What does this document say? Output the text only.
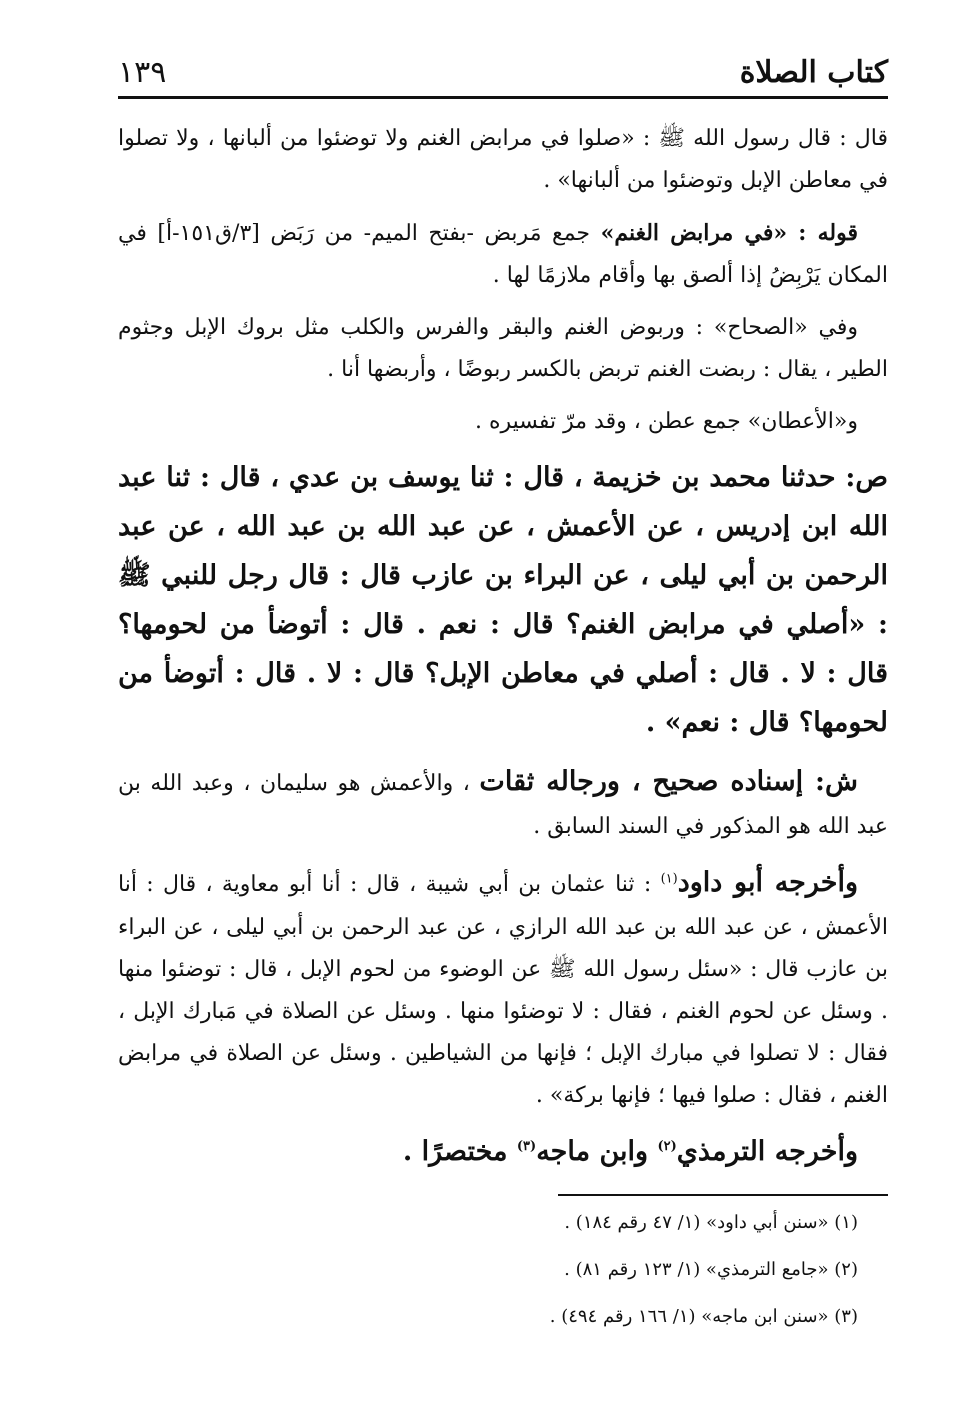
كتاب الصلاة
١٣٩

قال : قال رسول الله ﷺ : «صلوا في مرابض الغنم ولا توضئوا من ألبانها ، ولا تصلوا في معاطن الإبل وتوضئوا من ألبانها» .

قوله : «في مرابض الغنم» جمع مَربض -بفتح الميم- من رَبَض [٣/ق١٥١-أ] في المكان يَرْبِضُ إذا ألصق بها وأقام ملازمًا لها .

وفي «الصحاح» : وربوض الغنم والبقر والفرس والكلب مثل بروك الإبل وجثوم الطير ، يقال : ربضت الغنم تربض بالكسر ربوضًا ، وأربضها أنا .

و«الأعطان» جمع عطن ، وقد مرّ تفسيره .

ص: حدثنا محمد بن خزيمة ، قال : ثنا يوسف بن عدي ، قال : ثنا عبد الله ابن إدريس ، عن الأعمش ، عن عبد الله بن عبد الله ، عن عبد الرحمن بن أبي ليلى ، عن البراء بن عازب قال : قال رجل للنبي ﷺ : «أصلي في مرابض الغنم؟ قال : نعم . قال : أتوضأ من لحومها؟ قال : لا . قال : أصلي في معاطن الإبل؟ قال : لا . قال : أتوضأ من لحومها؟ قال : نعم» .

ش: إسناده صحيح ، ورجاله ثقات ، والأعمش هو سليمان ، وعبد الله بن عبد الله هو المذكور في السند السابق .

وأخرجه أبو داود$^{(١)}$ : ثنا عثمان بن أبي شيبة ، قال : أنا أبو معاوية ، قال : أنا الأعمش ، عن عبد الله بن عبد الله الرازي ، عن عبد الرحمن بن أبي ليلى ، عن البراء بن عازب قال : «سئل رسول الله ﷺ عن الوضوء من لحوم الإبل ، قال : توضئوا منها . وسئل عن لحوم الغنم ، فقال : لا توضئوا منها . وسئل عن الصلاة في مَبارك الإبل ، فقال : لا تصلوا في مبارك الإبل ؛ فإنها من الشياطين . وسئل عن الصلاة في مرابض الغنم ، فقال : صلوا فيها ؛ فإنها بركة» .

وأخرجه الترمذي$^{(٢)}$ وابن ماجه$^{(٣)}$ مختصرًا .

(١) «سنن أبي داود» (١/ ٤٧ رقم ١٨٤) .

(٢) «جامع الترمذي» (١/ ١٢٣ رقم ٨١) .

(٣) «سنن ابن ماجه» (١/ ١٦٦ رقم ٤٩٤) .
